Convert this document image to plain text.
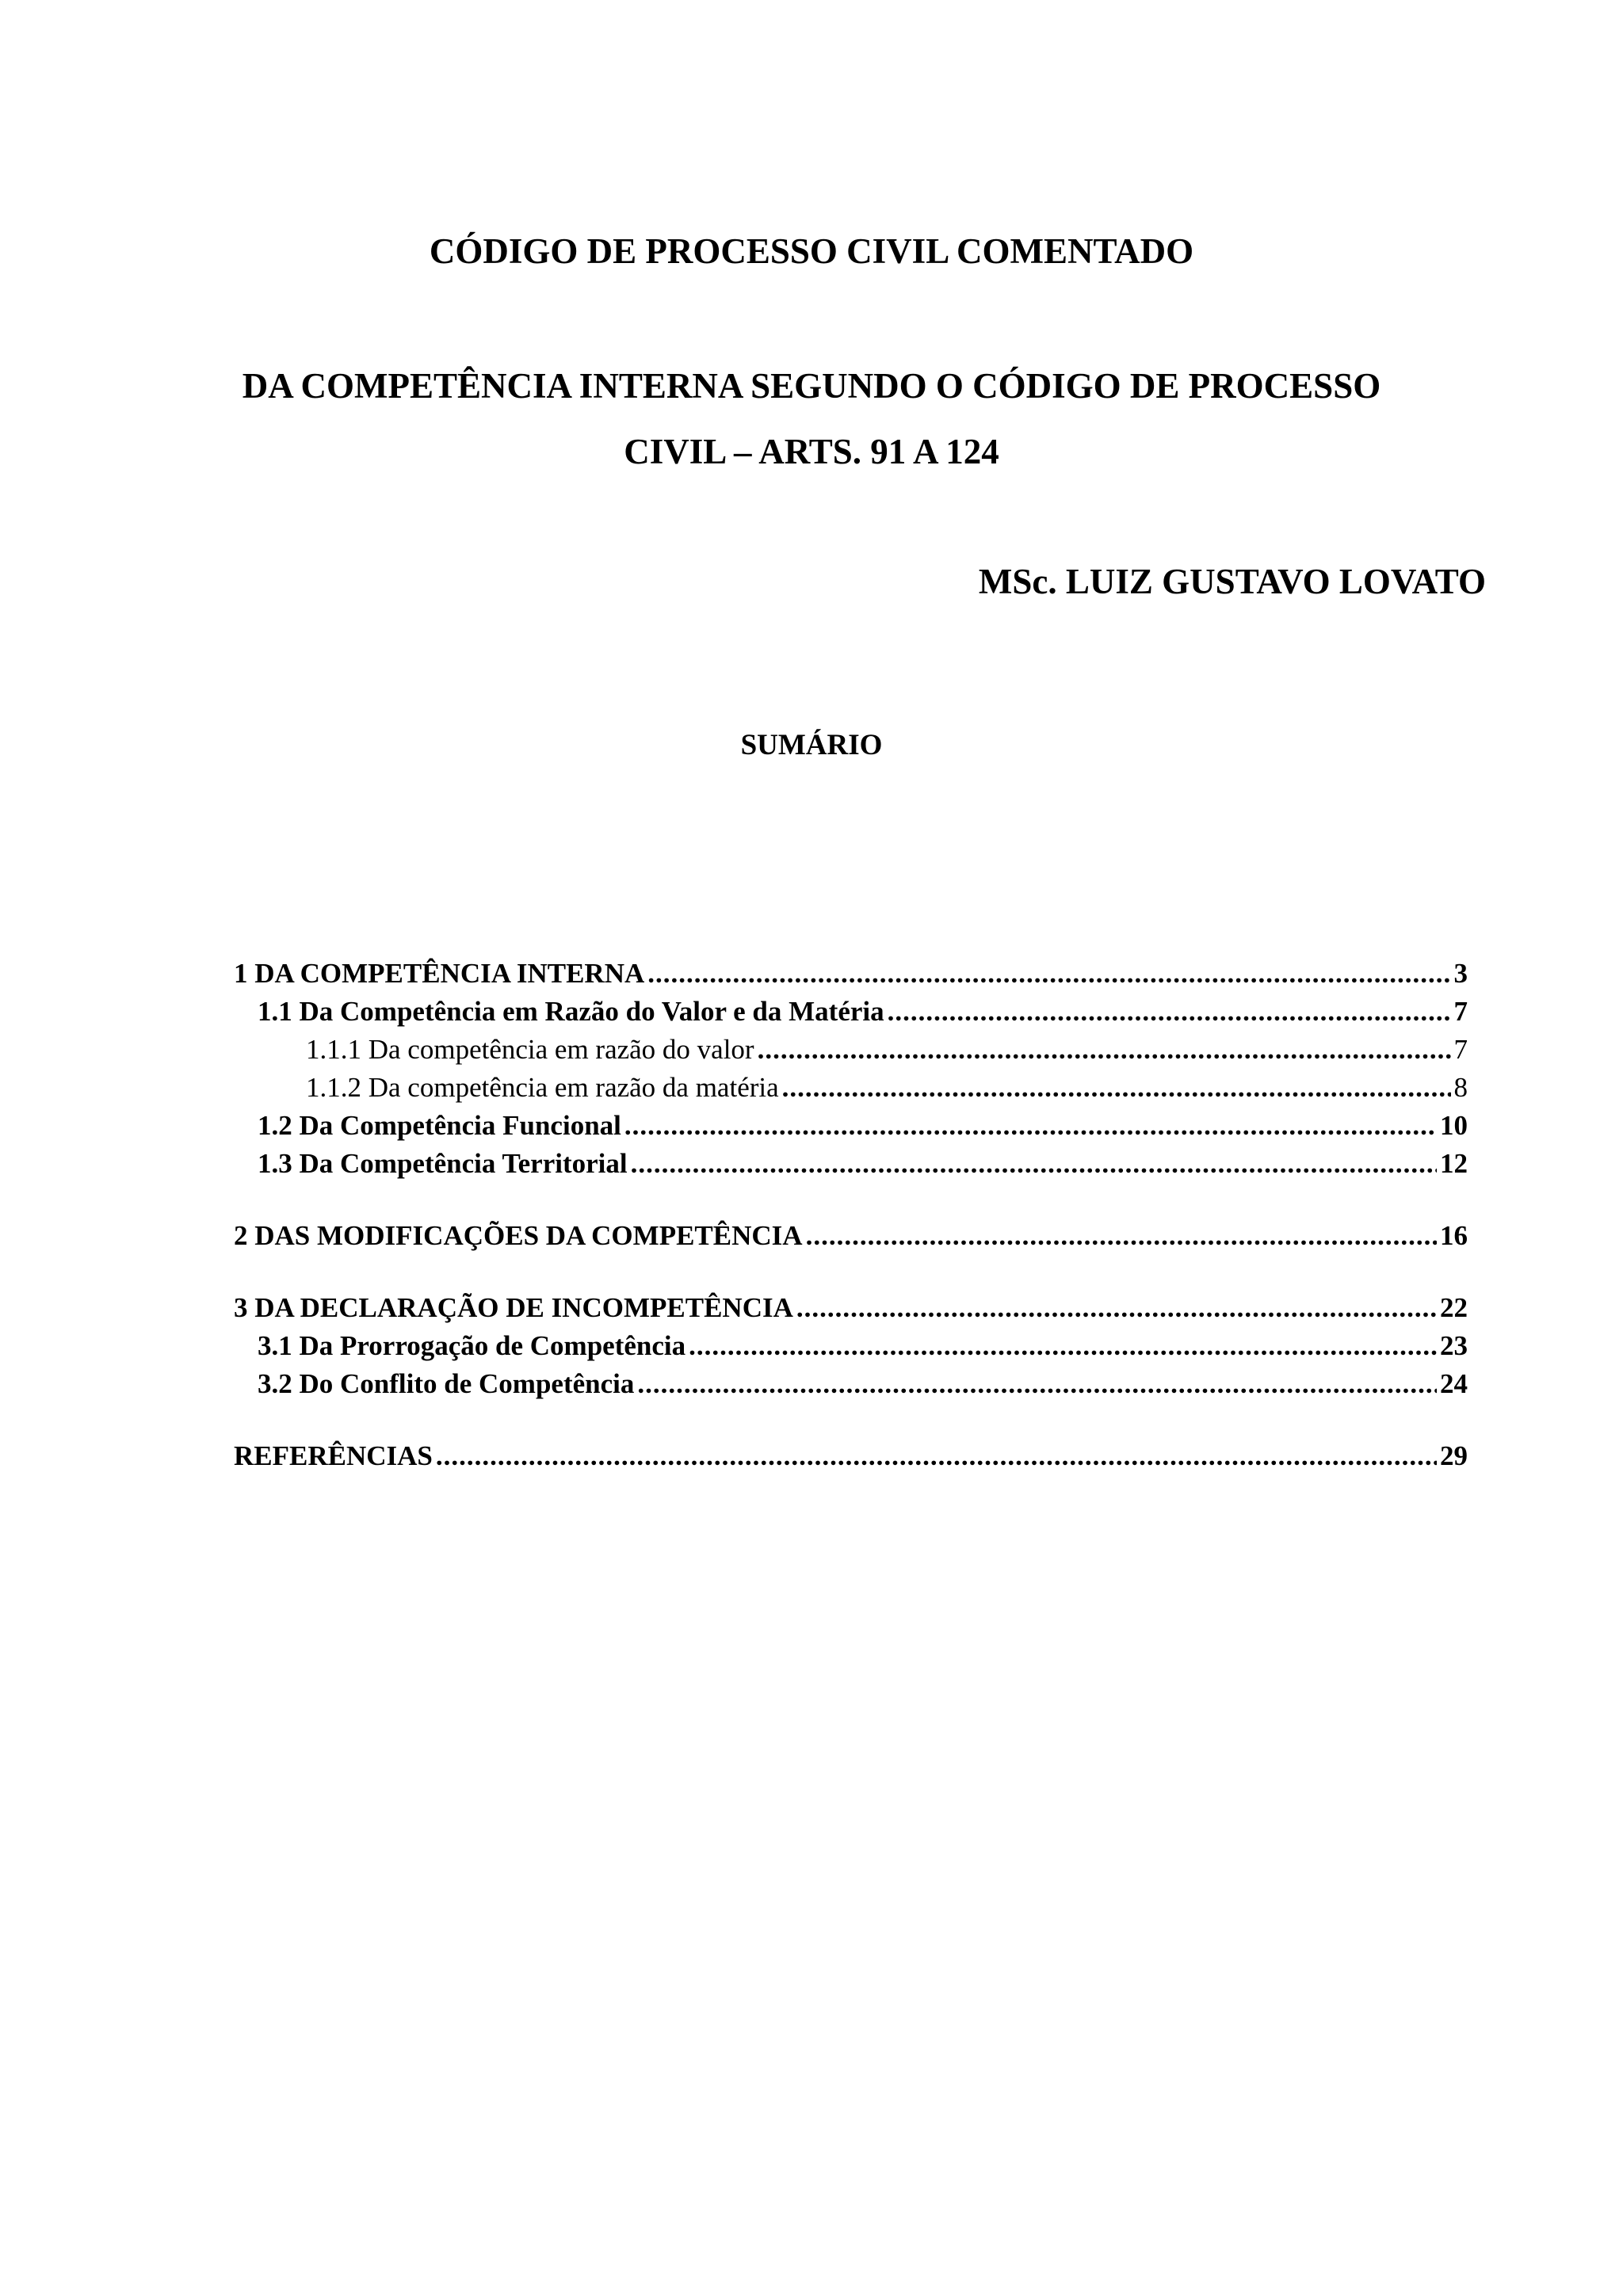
CÓDIGO DE PROCESSO CIVIL COMENTADO
DA COMPETÊNCIA INTERNA SEGUNDO O CÓDIGO DE PROCESSO
CIVIL – ARTS. 91 A 124
MSc. LUIZ GUSTAVO LOVATO
SUMÁRIO
1 DA COMPETÊNCIA INTERNA .....	3
1.1 Da Competência em Razão do Valor e da Matéria .....	7
1.1.1 Da competência em razão do valor .....	7
1.1.2 Da competência em razão da matéria .....	8
1.2 Da Competência Funcional .....	10
1.3 Da Competência Territorial .....	12
2 DAS MODIFICAÇÕES DA COMPETÊNCIA .....	16
3 DA DECLARAÇÃO DE INCOMPETÊNCIA .....	22
3.1 Da Prorrogação de Competência .....	23
3.2 Do Conflito de Competência .....	24
REFERÊNCIAS .....	29
